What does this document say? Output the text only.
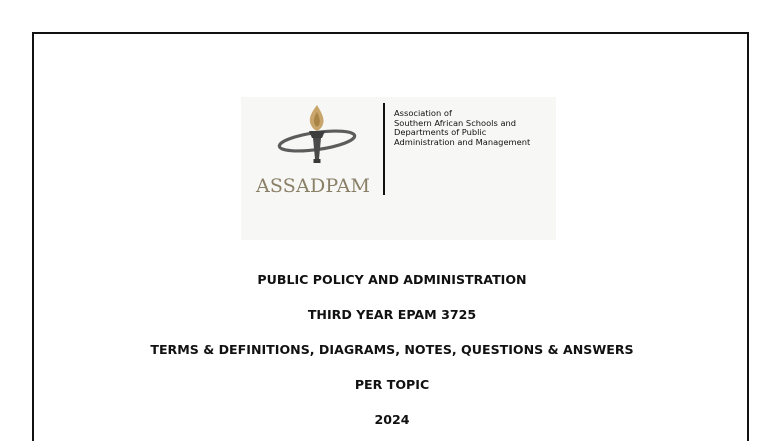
ASSADPAM
Association of
Southern African Schools and
Departments of Public
Administration and Management
PUBLIC POLICY AND ADMINISTRATION
THIRD YEAR EPAM 3725
TERMS & DEFINITIONS, DIAGRAMS, NOTES, QUESTIONS & ANSWERS
PER TOPIC
2024
